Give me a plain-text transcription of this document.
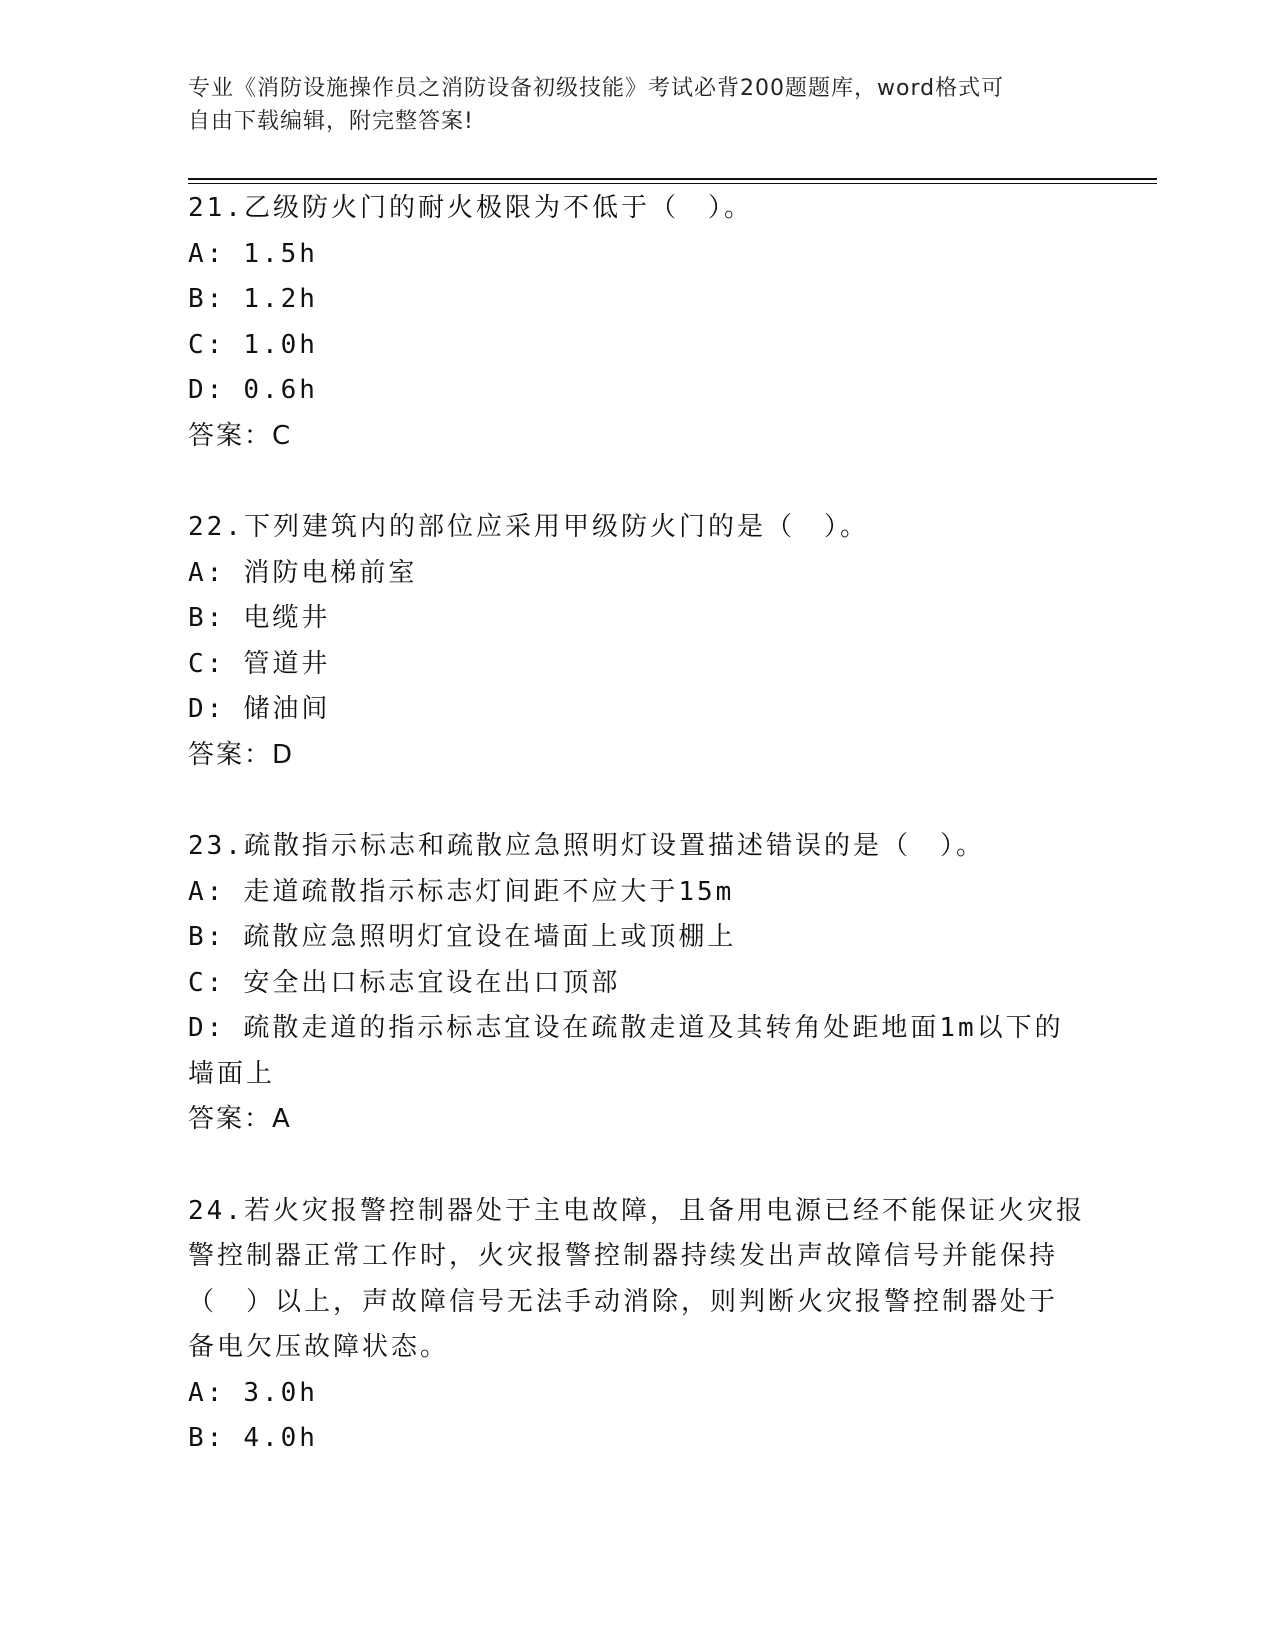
专业《消防设施操作员之消防设备初级技能》考试必背200题题库，word格式可
自由下载编辑，附完整答案!

21.乙级防火门的耐火极限为不低于（　）。

A: 1.5h

B: 1.2h

C: 1.0h

D: 0.6h

答案：C

22.下列建筑内的部位应采用甲级防火门的是（　）。

A: 消防电梯前室

B: 电缆井

C: 管道井

D: 储油间

答案：D

23.疏散指示标志和疏散应急照明灯设置描述错误的是（　）。

A: 走道疏散指示标志灯间距不应大于15m

B: 疏散应急照明灯宜设在墙面上或顶棚上

C: 安全出口标志宜设在出口顶部

D: 疏散走道的指示标志宜设在疏散走道及其转角处距地面1m以下的

墙面上

答案：A

24.若火灾报警控制器处于主电故障，且备用电源已经不能保证火灾报

警控制器正常工作时，火灾报警控制器持续发出声故障信号并能保持

（　）以上，声故障信号无法手动消除，则判断火灾报警控制器处于

备电欠压故障状态。

A: 3.0h

B: 4.0h
